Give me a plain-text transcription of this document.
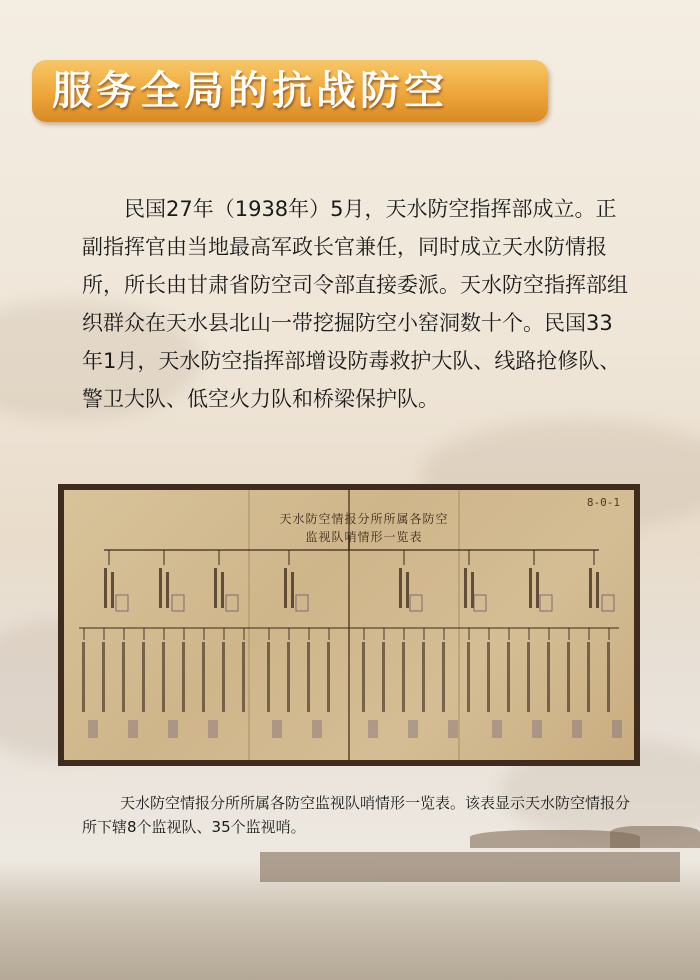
服务全局的抗战防空

民国27年（1938年）5月，天水防空指挥部成立。正副指挥官由当地最高军政长官兼任，同时成立天水防情报所，所长由甘肃省防空司令部直接委派。天水防空指挥部组织群众在天水县北山一带挖掘防空小窑洞数十个。民国33年1月，天水防空指挥部增设防毒救护大队、线路抢修队、警卫大队、低空火力队和桥梁保护队。

天水防空情报分所所属各防空监视队哨情形一览表
8-0-1

天水防空情报分所所属各防空监视队哨情形一览表。该表显示天水防空情报分所下辖8个监视队、35个监视哨。
